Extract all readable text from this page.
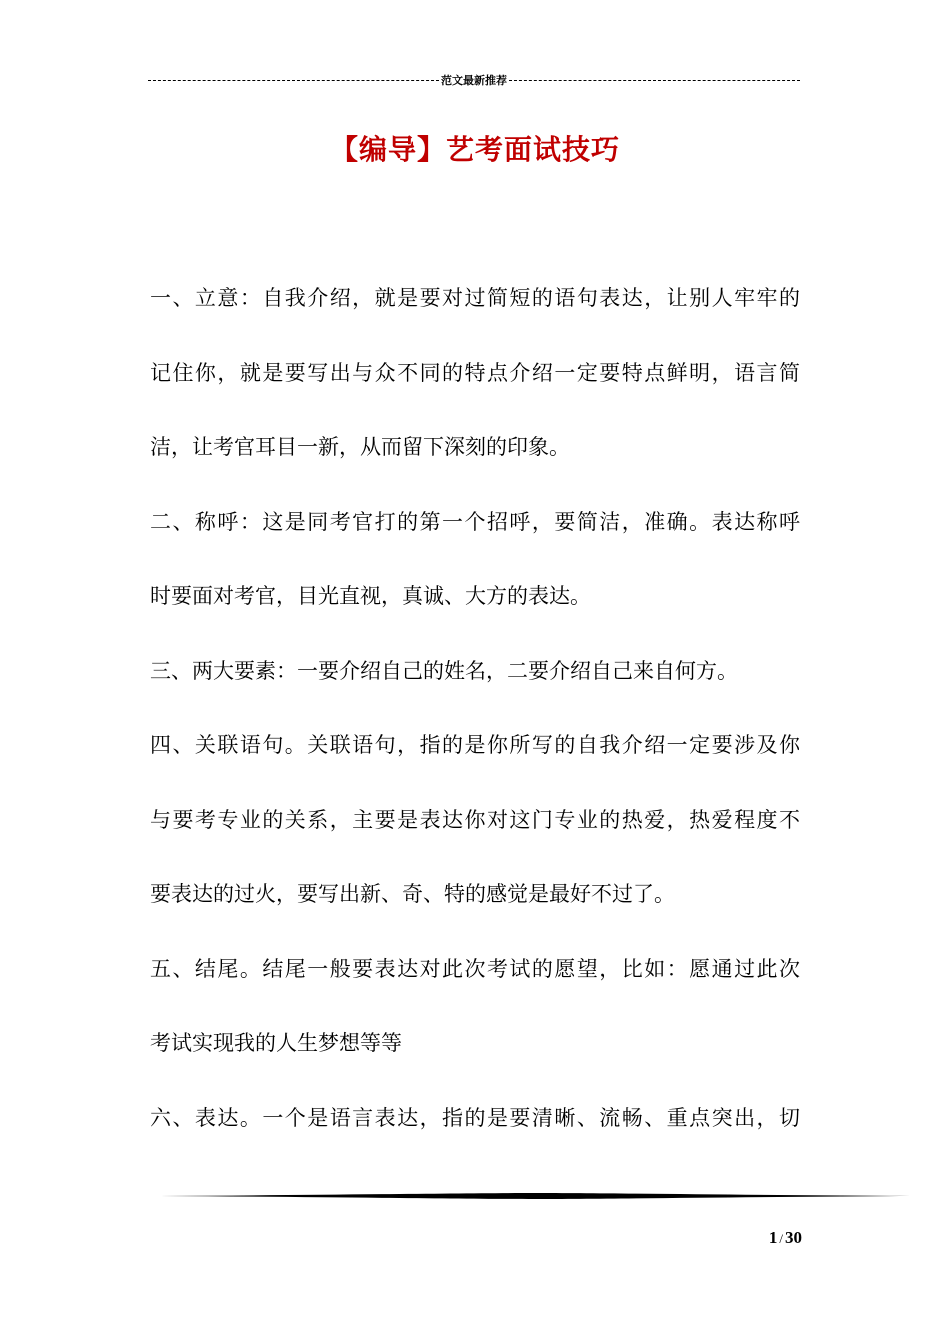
范文最新推荐
【编导】艺考面试技巧
一、立意：自我介绍，就是要对过简短的语句表达，让别人牢牢的
记住你，就是要写出与众不同的特点介绍一定要特点鲜明，语言简
洁，让考官耳目一新，从而留下深刻的印象。
二、称呼：这是同考官打的第一个招呼，要简洁，准确。表达称呼
时要面对考官，目光直视，真诚、大方的表达。
三、两大要素：一要介绍自己的姓名，二要介绍自己来自何方。
四、关联语句。关联语句，指的是你所写的自我介绍一定要涉及你
与要考专业的关系，主要是表达你对这门专业的热爱，热爱程度不
要表达的过火，要写出新、奇、特的感觉是最好不过了。
五、结尾。结尾一般要表达对此次考试的愿望，比如：愿通过此次
考试实现我的人生梦想等等
六、表达。一个是语言表达，指的是要清晰、流畅、重点突出，切
1 / 30
